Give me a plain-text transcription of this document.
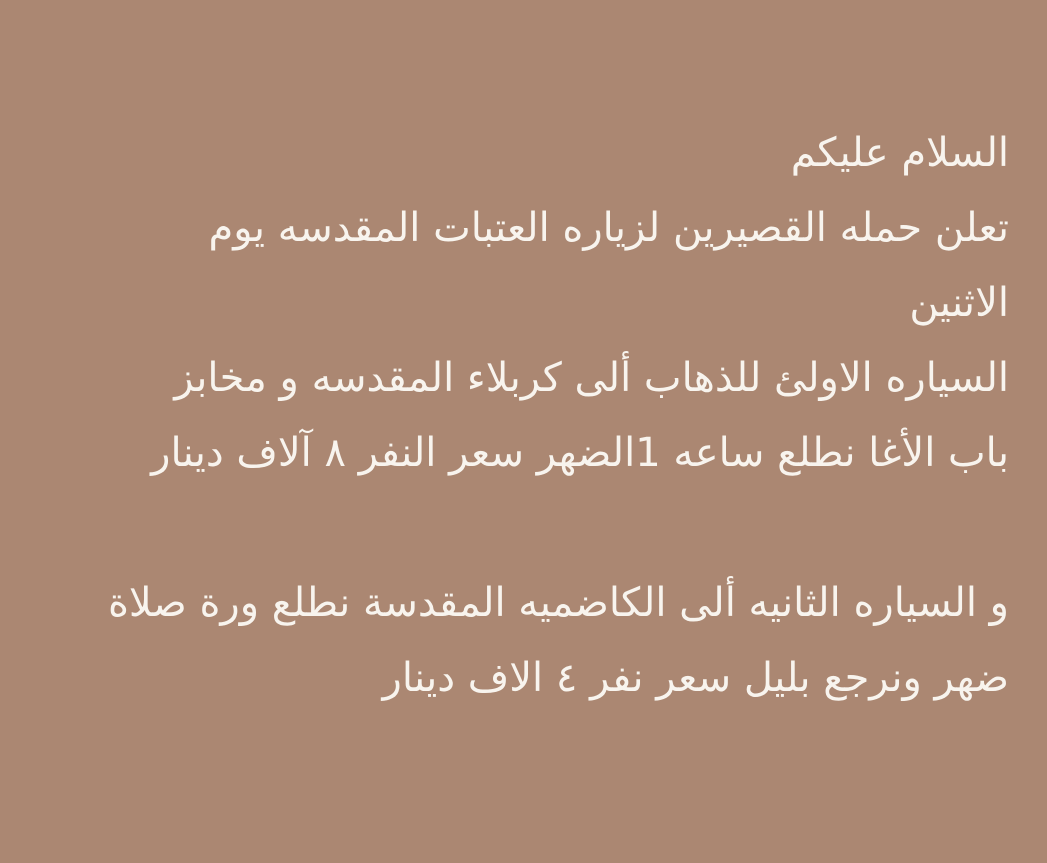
السلام عليكم
تعلن حمله القصيرين لزياره العتبات المقدسه يوم
الاثنين
السياره الاولئ للذهاب ألى كربلاء المقدسه و مخابز
باب الأغا نطلع ساعه 1الضهر سعر النفر ٨ آلاف دينار
و السياره الثانيه ألى الكاضميه المقدسة نطلع ورة صلاة
ضهر ونرجع بليل سعر نفر ٤ الاف دينار
